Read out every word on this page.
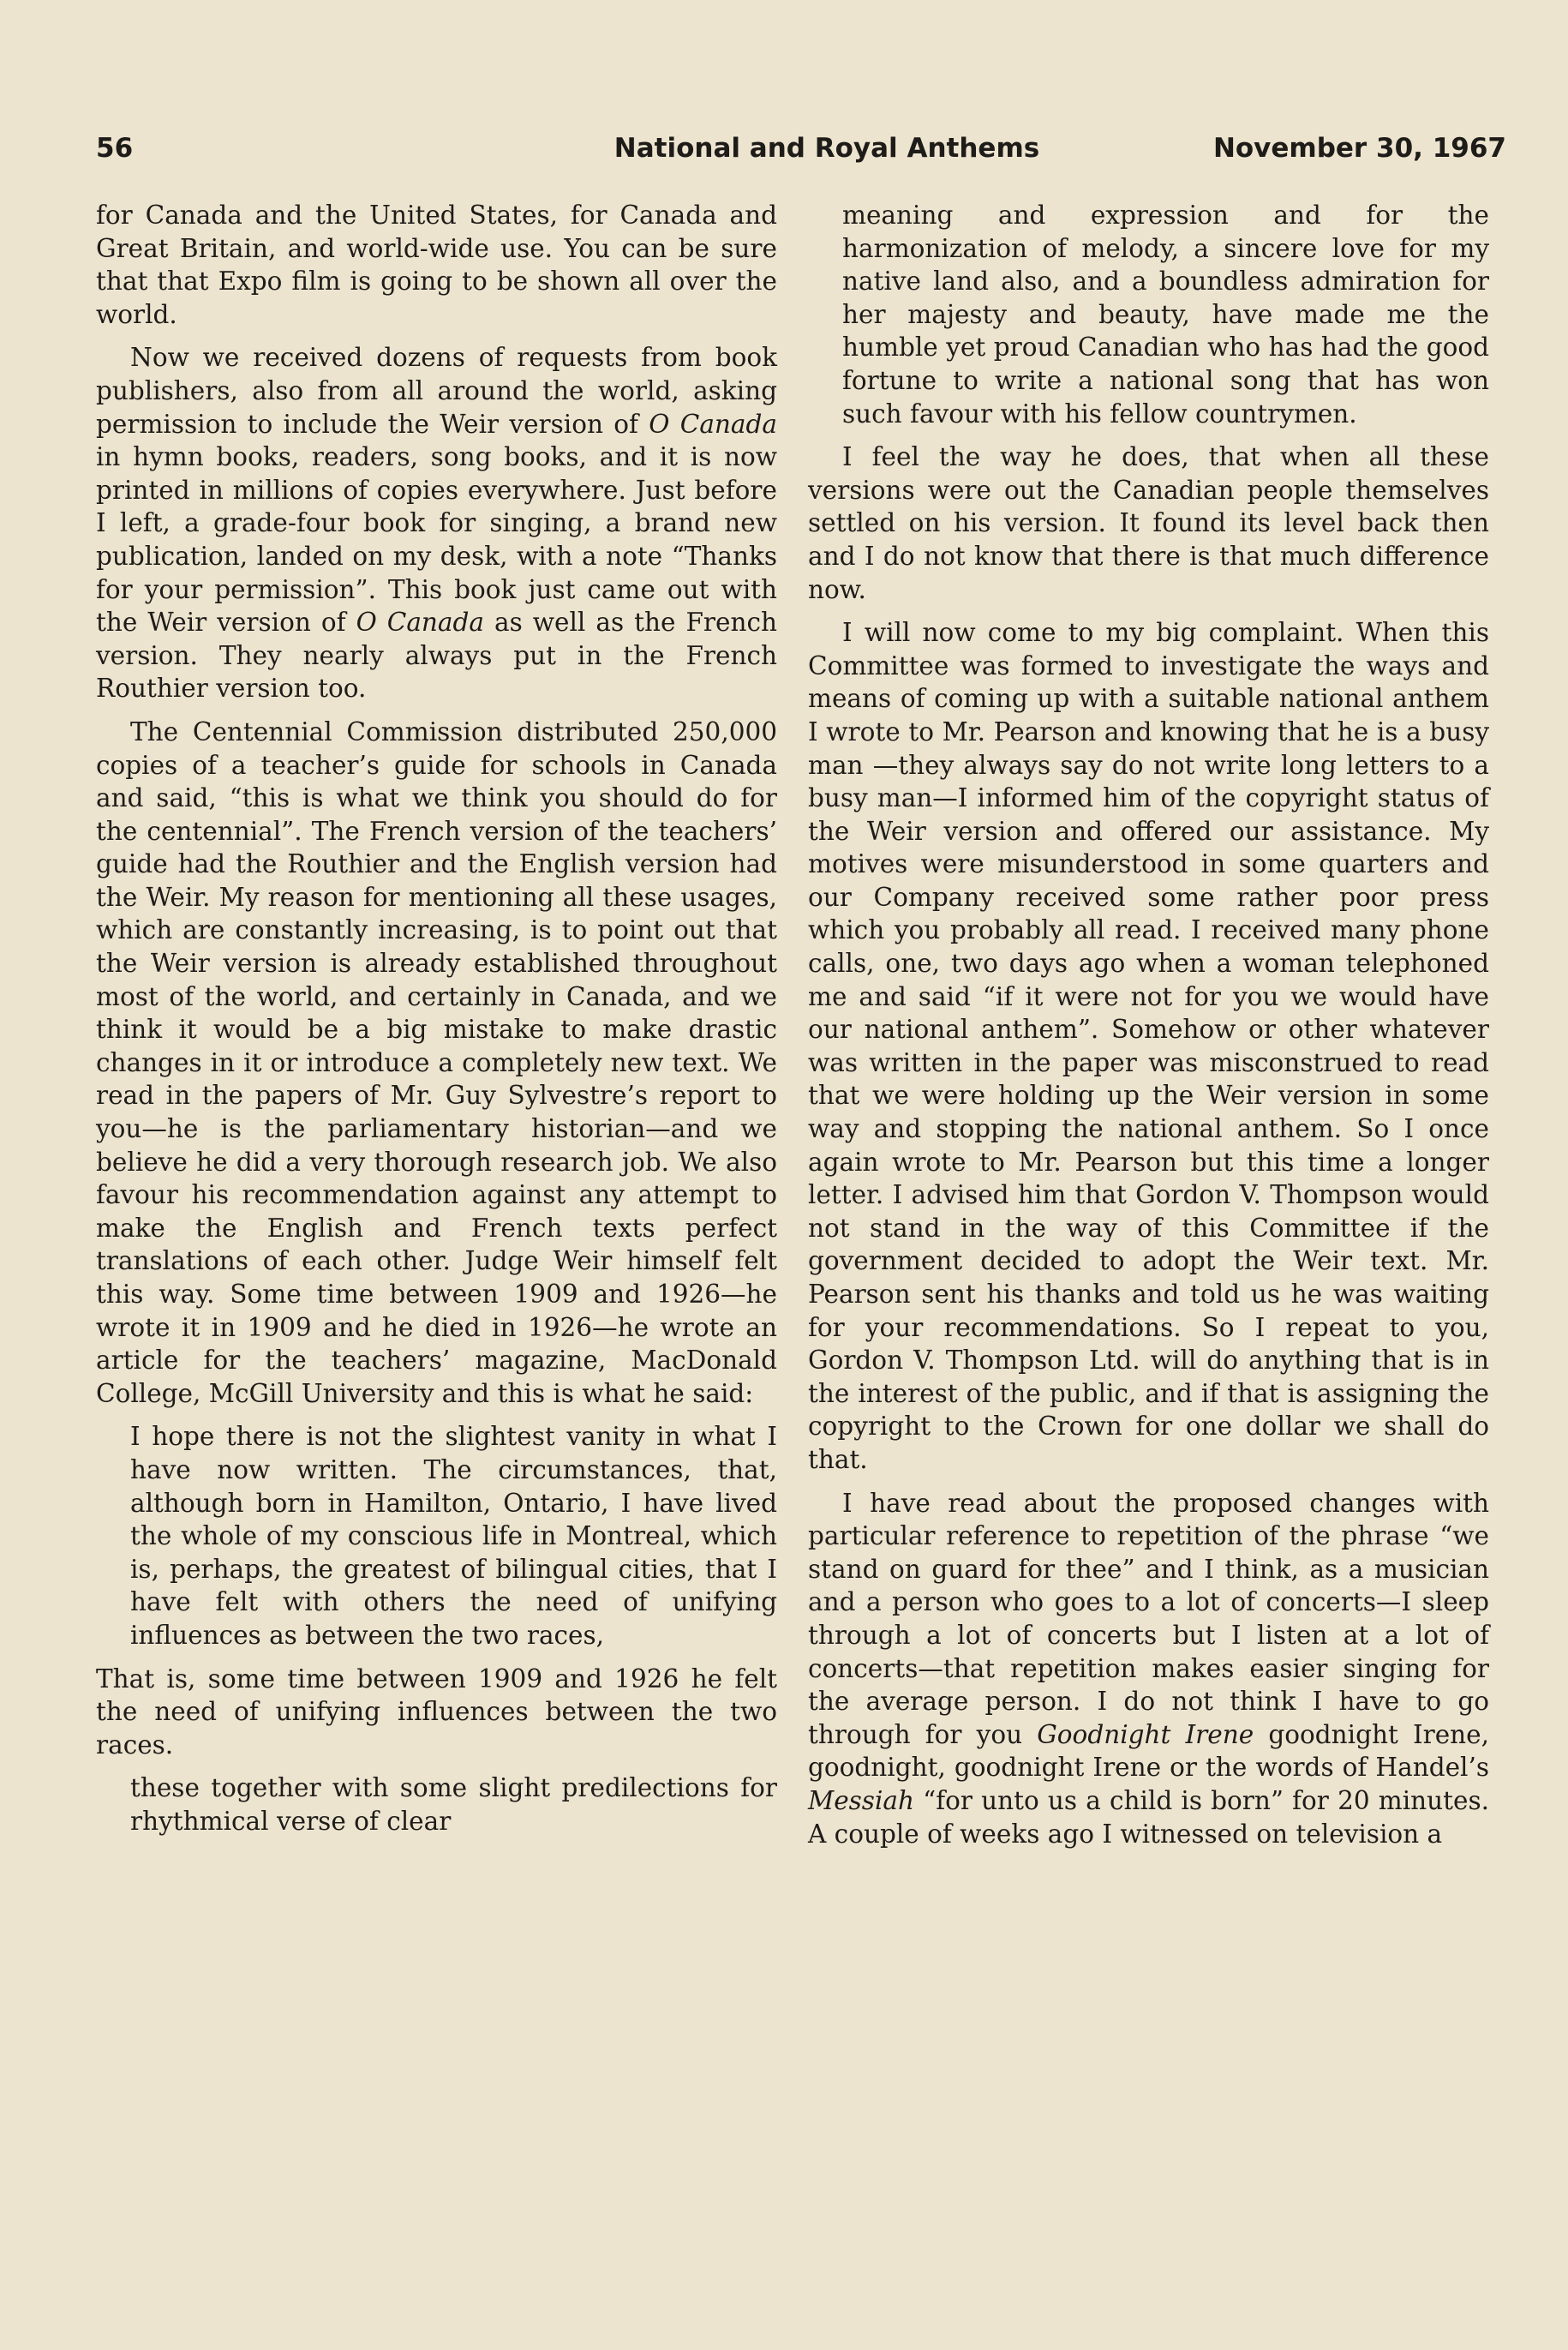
56	National and Royal Anthems	November 30, 1967

for Canada and the United States, for Canada and Great Britain, and world-wide use. You can be sure that that Expo film is going to be shown all over the world.

Now we received dozens of requests from book publishers, also from all around the world, asking permission to include the Weir version of O Canada in hymn books, readers, song books, and it is now printed in millions of copies everywhere. Just before I left, a grade-four book for singing, a brand new publication, landed on my desk, with a note “Thanks for your permission”. This book just came out with the Weir version of O Canada as well as the French version. They nearly always put in the French Routhier version too.

The Centennial Commission distributed 250,000 copies of a teacher’s guide for schools in Canada and said, “this is what we think you should do for the centennial”. The French version of the teachers’ guide had the Routhier and the English version had the Weir. My reason for mentioning all these usages, which are constantly increasing, is to point out that the Weir version is already established throughout most of the world, and certainly in Canada, and we think it would be a big mistake to make drastic changes in it or introduce a completely new text. We read in the papers of Mr. Guy Sylvestre’s report to you—he is the parliamentary historian—and we believe he did a very thorough research job. We also favour his recommendation against any attempt to make the English and French texts perfect translations of each other. Judge Weir himself felt this way. Some time between 1909 and 1926—he wrote it in 1909 and he died in 1926—he wrote an article for the teachers’ magazine, MacDonald College, McGill University and this is what he said:

I hope there is not the slightest vanity in what I have now written. The circumstances, that, although born in Hamilton, Ontario, I have lived the whole of my conscious life in Montreal, which is, perhaps, the greatest of bilingual cities, that I have felt with others the need of unifying influences as between the two races,

That is, some time between 1909 and 1926 he felt the need of unifying influences between the two races.

these together with some slight predilections for rhythmical verse of clear

meaning and expression and for the harmonization of melody, a sincere love for my native land also, and a boundless admiration for her majesty and beauty, have made me the humble yet proud Canadian who has had the good fortune to write a national song that has won such favour with his fellow countrymen.

I feel the way he does, that when all these versions were out the Canadian people themselves settled on his version. It found its level back then and I do not know that there is that much difference now.

I will now come to my big complaint. When this Committee was formed to investigate the ways and means of coming up with a suitable national anthem I wrote to Mr. Pearson and knowing that he is a busy man —they always say do not write long letters to a busy man—I informed him of the copyright status of the Weir version and offered our assistance. My motives were misunderstood in some quarters and our Company received some rather poor press which you probably all read. I received many phone calls, one, two days ago when a woman telephoned me and said “if it were not for you we would have our national anthem”. Somehow or other whatever was written in the paper was misconstrued to read that we were holding up the Weir version in some way and stopping the national anthem. So I once again wrote to Mr. Pearson but this time a longer letter. I advised him that Gordon V. Thompson would not stand in the way of this Committee if the government decided to adopt the Weir text. Mr. Pearson sent his thanks and told us he was waiting for your recommendations. So I repeat to you, Gordon V. Thompson Ltd. will do anything that is in the interest of the public, and if that is assigning the copyright to the Crown for one dollar we shall do that.

I have read about the proposed changes with particular reference to repetition of the phrase “we stand on guard for thee” and I think, as a musician and a person who goes to a lot of concerts—I sleep through a lot of concerts but I listen at a lot of concerts—that repetition makes easier singing for the average person. I do not think I have to go through for you Goodnight Irene goodnight Irene, goodnight, goodnight Irene or the words of Handel’s Messiah “for unto us a child is born” for 20 minutes. A couple of weeks ago I witnessed on television a
